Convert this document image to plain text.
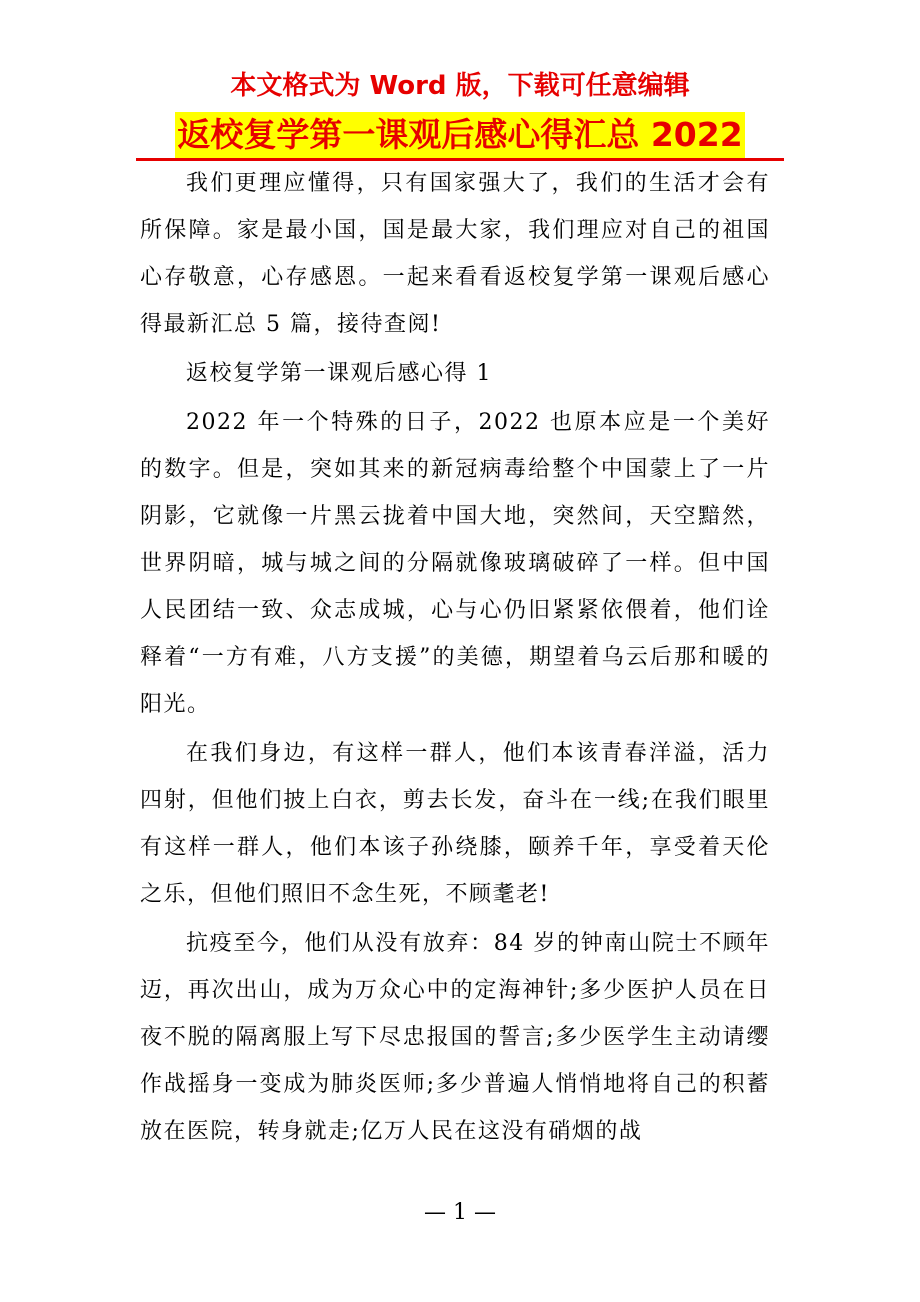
本文格式为 Word 版，下载可任意编辑

返校复学第一课观后感心得汇总 2022

我们更理应懂得，只有国家强大了，我们的生活才会有所保障。家是最小国，国是最大家，我们理应对自己的祖国心存敬意，心存感恩。一起来看看返校复学第一课观后感心得最新汇总 5 篇，接待查阅!

返校复学第一课观后感心得 1

2022 年一个特殊的日子，2022 也原本应是一个美好的数字。但是，突如其来的新冠病毒给整个中国蒙上了一片阴影，它就像一片黑云拢着中国大地，突然间，天空黯然，世界阴暗，城与城之间的分隔就像玻璃破碎了一样。但中国人民团结一致、众志成城，心与心仍旧紧紧依偎着，他们诠释着“一方有难，八方支援”的美德，期望着乌云后那和暖的阳光。

在我们身边，有这样一群人，他们本该青春洋溢，活力四射，但他们披上白衣，剪去长发，奋斗在一线;在我们眼里有这样一群人，他们本该子孙绕膝，颐养千年，享受着天伦之乐，但他们照旧不念生死，不顾耄老!

抗疫至今，他们从没有放弃：84 岁的钟南山院士不顾年迈，再次出山，成为万众心中的定海神针;多少医护人员在日夜不脱的隔离服上写下尽忠报国的誓言;多少医学生主动请缨作战摇身一变成为肺炎医师;多少普遍人悄悄地将自己的积蓄放在医院，转身就走;亿万人民在这没有硝烟的战

— 1 —
